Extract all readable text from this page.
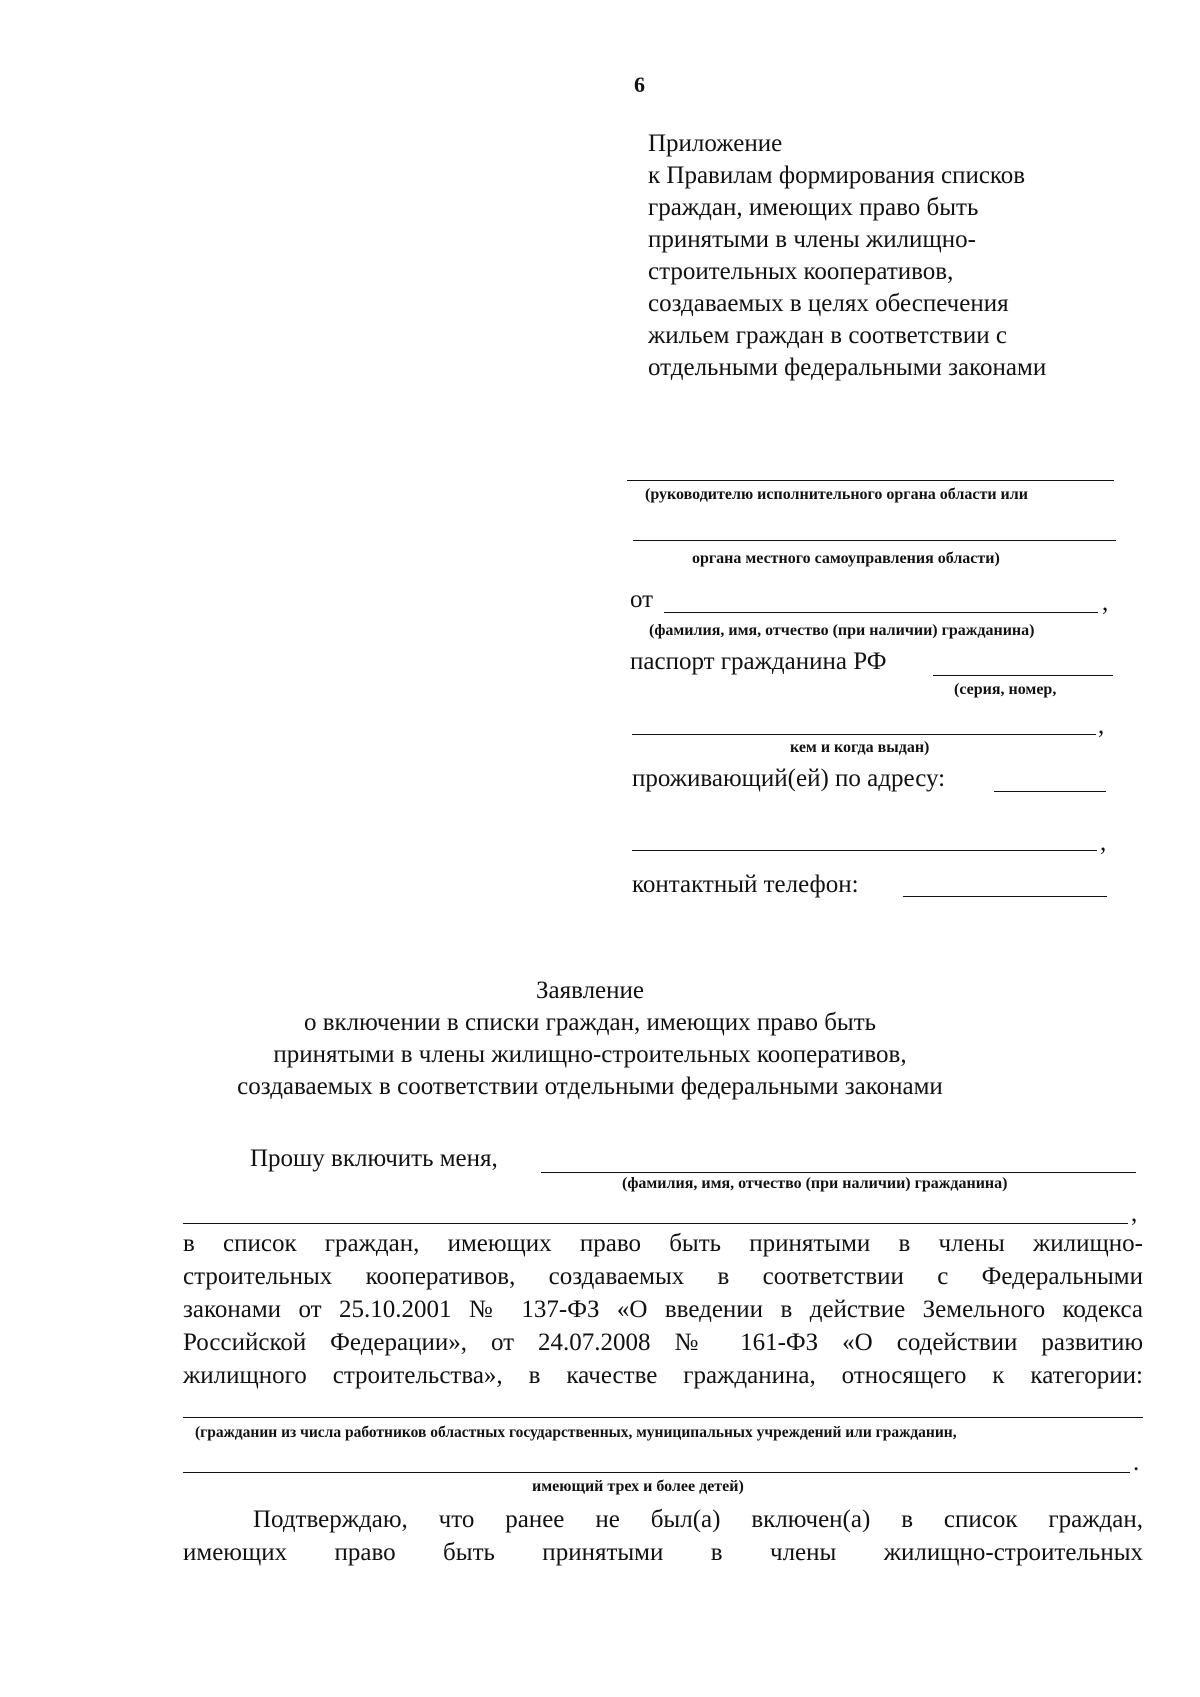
6
Приложение
к Правилам формирования списков
граждан, имеющих право быть
принятыми в члены жилищно-
строительных кооперативов,
создаваемых в целях обеспечения
жильем граждан в соответствии с
отдельными федеральными законами
(руководителю исполнительного органа области или
органа местного самоуправления области)
от	,
(фамилия, имя, отчество (при наличии) гражданина)
паспорт гражданина РФ
(серия, номер,
,
кем и когда выдан)
проживающий(ей) по адресу:
,
контактный телефон:
Заявление
о включении в списки граждан, имеющих право быть
принятыми в члены жилищно-строительных кооперативов,
создаваемых в соответствии отдельными федеральными законами
Прошу включить меня,
(фамилия, имя, отчество (при наличии) гражданина)
,
в список граждан, имеющих право быть принятыми в члены жилищно-
строительных кооперативов, создаваемых в соответствии с Федеральными
законами от 25.10.2001 № 137-ФЗ «О введении в действие Земельного кодекса
Российской Федерации», от 24.07.2008 № 161-ФЗ «О содействии развитию
жилищного строительства», в качестве гражданина, относящего к категории:
(гражданин из числа работников областных государственных, муниципальных учреждений или гражданин,
.
имеющий трех и более детей)
Подтверждаю, что ранее не был(а) включен(а) в список граждан,
имеющих право быть принятыми в члены жилищно-строительных
